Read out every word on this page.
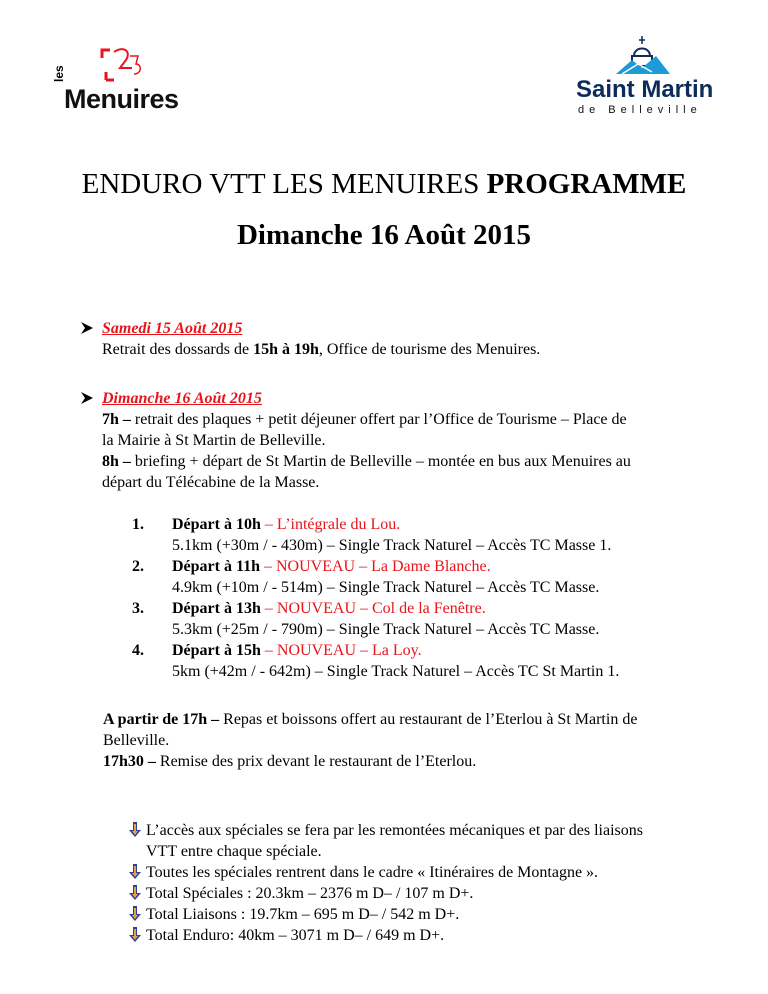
les
Menuires	Saint Martin
de Belleville
ENDURO VTT LES MENUIRES PROGRAMME
Dimanche 16 Août 2015
Samedi 15 Août 2015
Retrait des dossards de 15h à 19h, Office de tourisme des Menuires.
Dimanche 16 Août 2015
7h – retrait des plaques + petit déjeuner offert par l’Office de Tourisme – Place de
la Mairie à St Martin de Belleville.
8h – briefing + départ de St Martin de Belleville – montée en bus aux Menuires au
départ du Télécabine de la Masse.
1. Départ à 10h – L’intégrale du Lou.
5.1km (+30m / - 430m) – Single Track Naturel – Accès TC Masse 1.
2. Départ à 11h – NOUVEAU – La Dame Blanche.
4.9km (+10m / - 514m) – Single Track Naturel – Accès TC Masse.
3. Départ à 13h – NOUVEAU – Col de la Fenêtre.
5.3km (+25m / - 790m) – Single Track Naturel – Accès TC Masse.
4. Départ à 15h – NOUVEAU – La Loy.
5km (+42m / - 642m) – Single Track Naturel – Accès TC St Martin 1.
A partir de 17h – Repas et boissons offert au restaurant de l’Eterlou à St Martin de
Belleville.
17h30 – Remise des prix devant le restaurant de l’Eterlou.
L’accès aux spéciales se fera par les remontées mécaniques et par des liaisons
VTT entre chaque spéciale.
Toutes les spéciales rentrent dans le cadre « Itinéraires de Montagne ».
Total Spéciales : 20.3km – 2376 m D– / 107 m D+.
Total Liaisons : 19.7km – 695 m D– / 542 m D+.
Total Enduro: 40km – 3071 m D– / 649 m D+.
